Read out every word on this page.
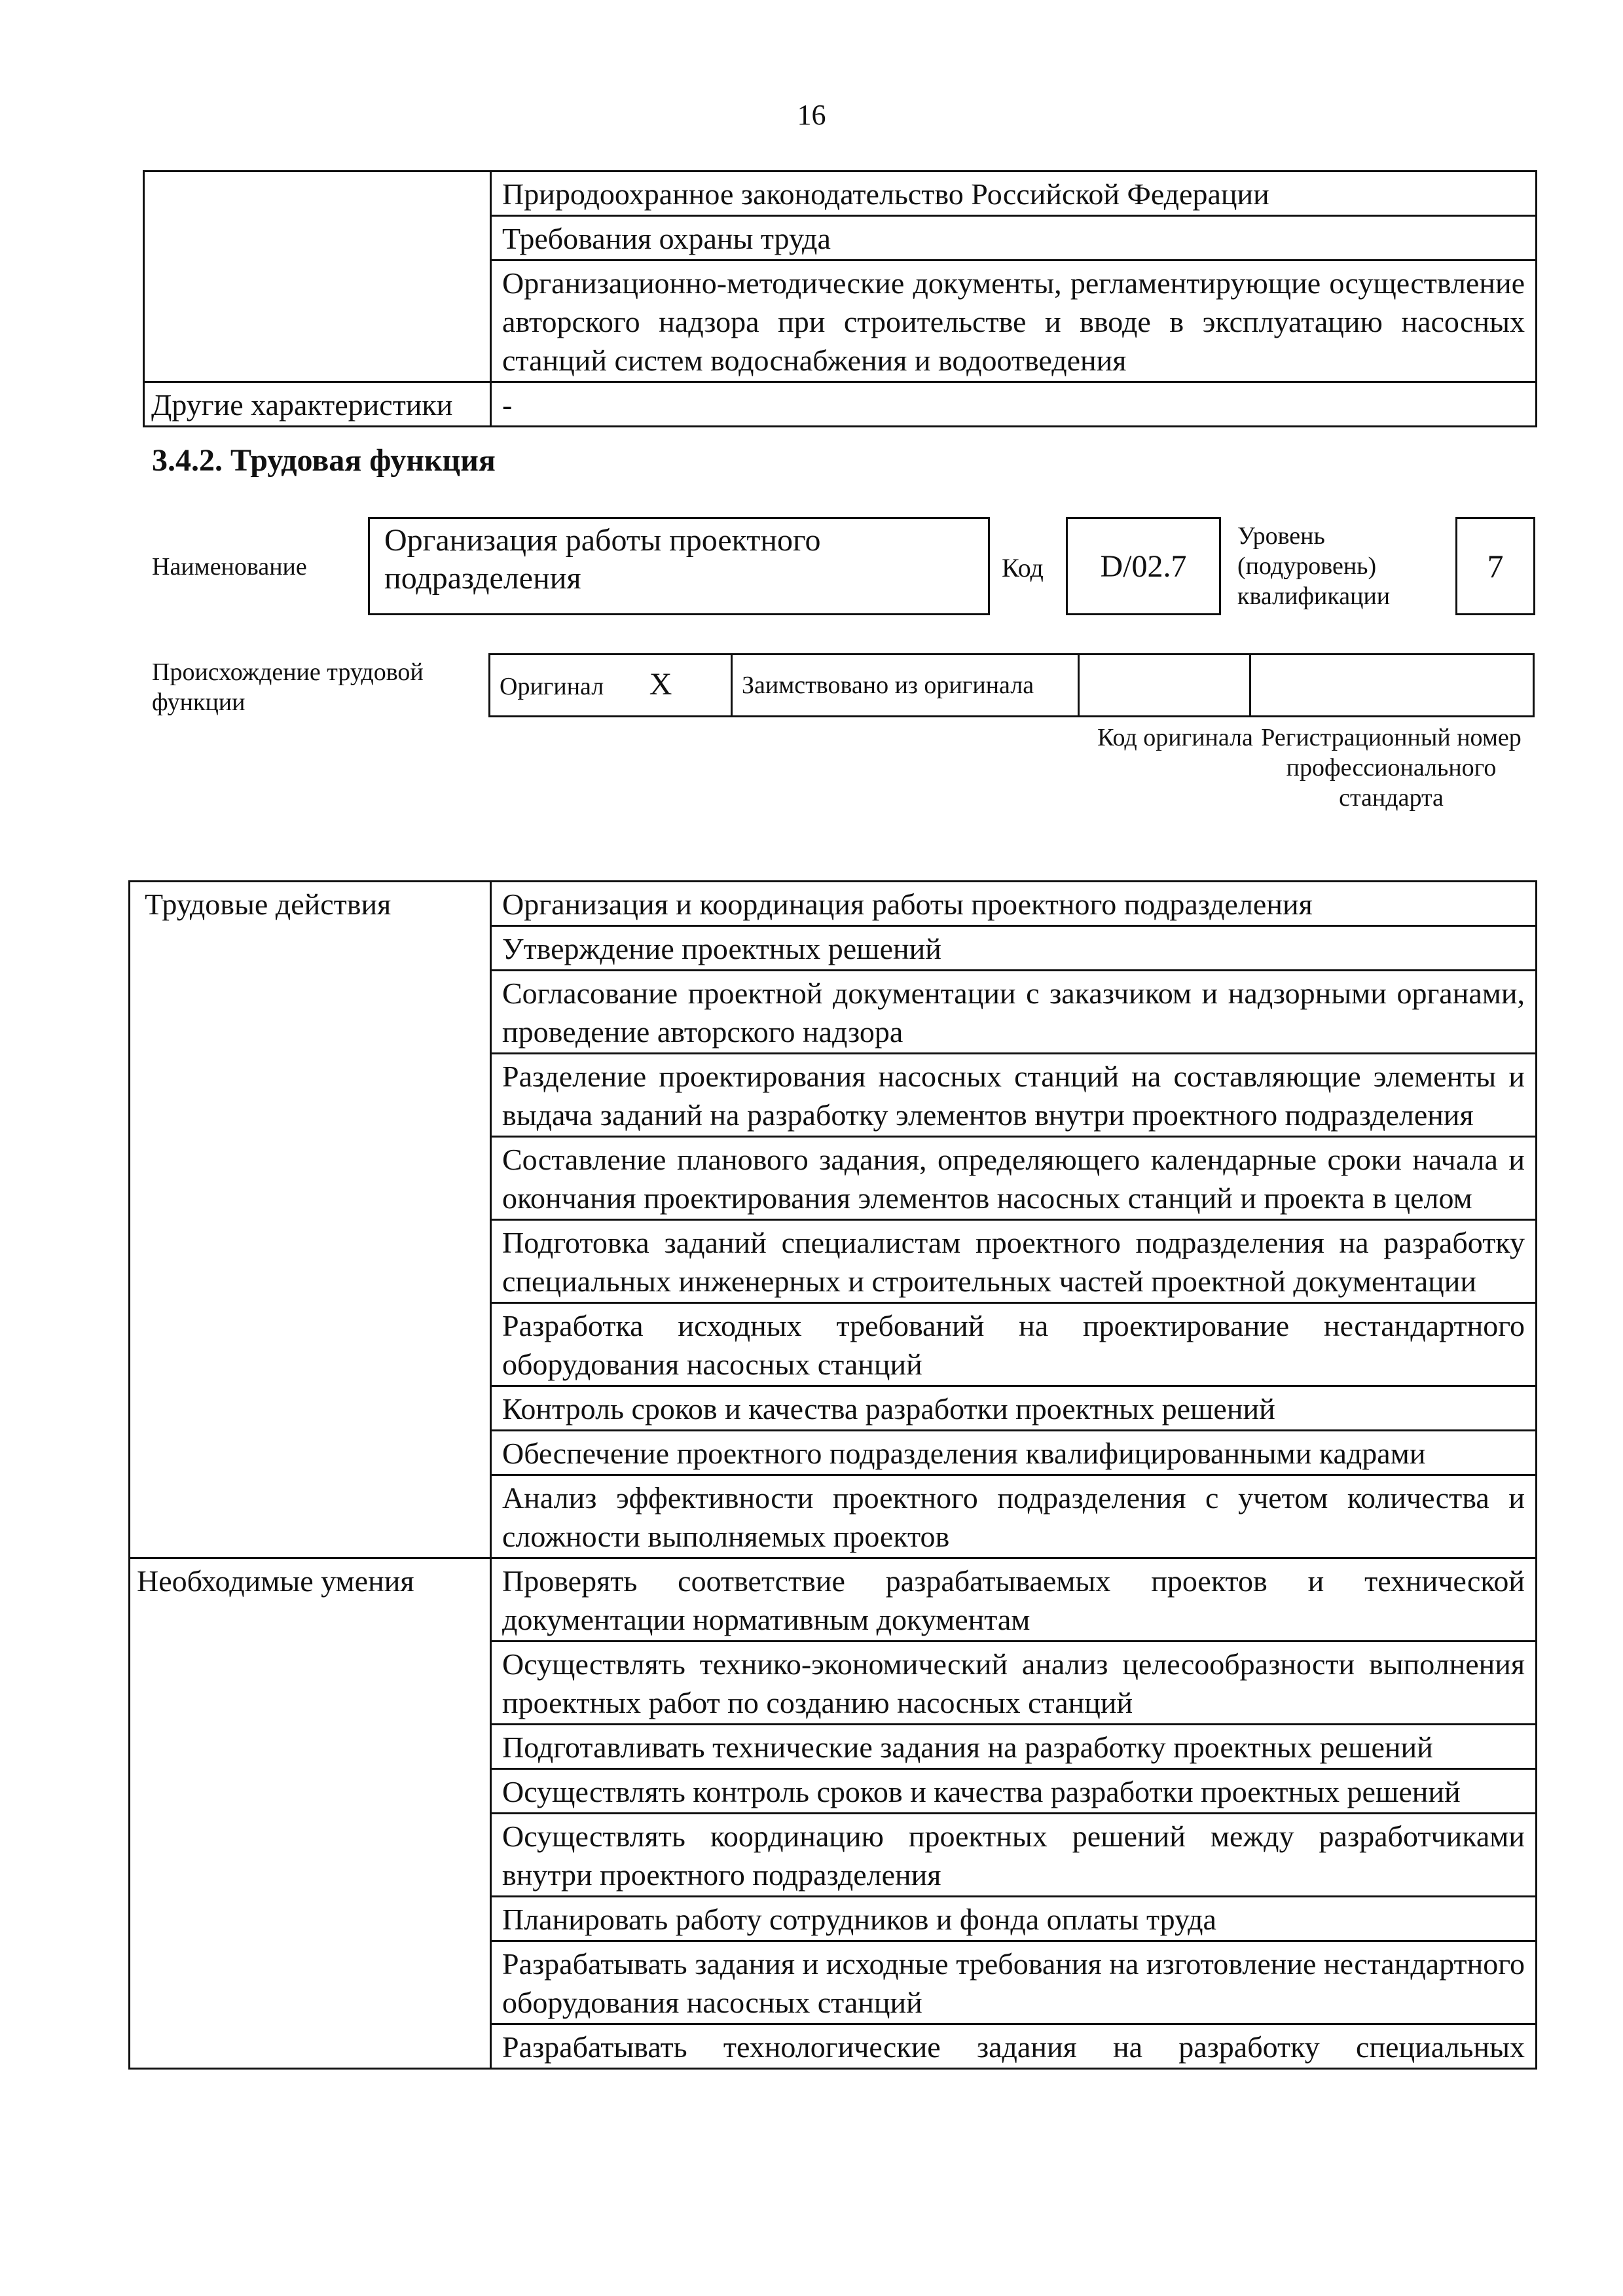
16
	Природоохранное законодательство Российской Федерации
	Требования охраны труда
	Организационно-методические документы, регламентирующие осуществление авторского надзора при строительстве и вводе в эксплуатацию насосных станций систем водоснабжения и водоотведения
Другие характеристики	-
3.4.2. Трудовая функция
Наименование
Организация работы проектного подразделения	Код	D/02.7
Уровень (подуровень) квалификации
7
Происхождение трудовой функции
Оригинал X	Заимствовано из оригинала		
Код оригинала Регистрационный номер профессионального стандарта
Трудовые действия	Организация и координация работы проектного подразделения
	Утверждение проектных решений
	Согласование проектной документации с заказчиком и надзорными органами, проведение авторского надзора
	Разделение проектирования насосных станций на составляющие элементы и выдача заданий на разработку элементов внутри проектного подразделения
	Составление планового задания, определяющего календарные сроки начала и окончания проектирования элементов насосных станций и проекта в целом
	Подготовка заданий специалистам проектного подразделения на разработку специальных инженерных и строительных частей проектной документации
	Разработка исходных требований на проектирование нестандартного оборудования насосных станций
	Контроль сроков и качества разработки проектных решений
	Обеспечение проектного подразделения квалифицированными кадрами
	Анализ эффективности проектного подразделения с учетом количества и сложности выполняемых проектов
Необходимые умения	Проверять соответствие разрабатываемых проектов и технической документации нормативным документам
	Осуществлять технико-экономический анализ целесообразности выполнения проектных работ по созданию насосных станций
	Подготавливать технические задания на разработку проектных решений
	Осуществлять контроль сроков и качества разработки проектных решений
	Осуществлять координацию проектных решений между разработчиками внутри проектного подразделения
	Планировать работу сотрудников и фонда оплаты труда
	Разрабатывать задания и исходные требования на изготовление нестандартного оборудования насосных станций
	Разрабатывать технологические задания на разработку специальных
